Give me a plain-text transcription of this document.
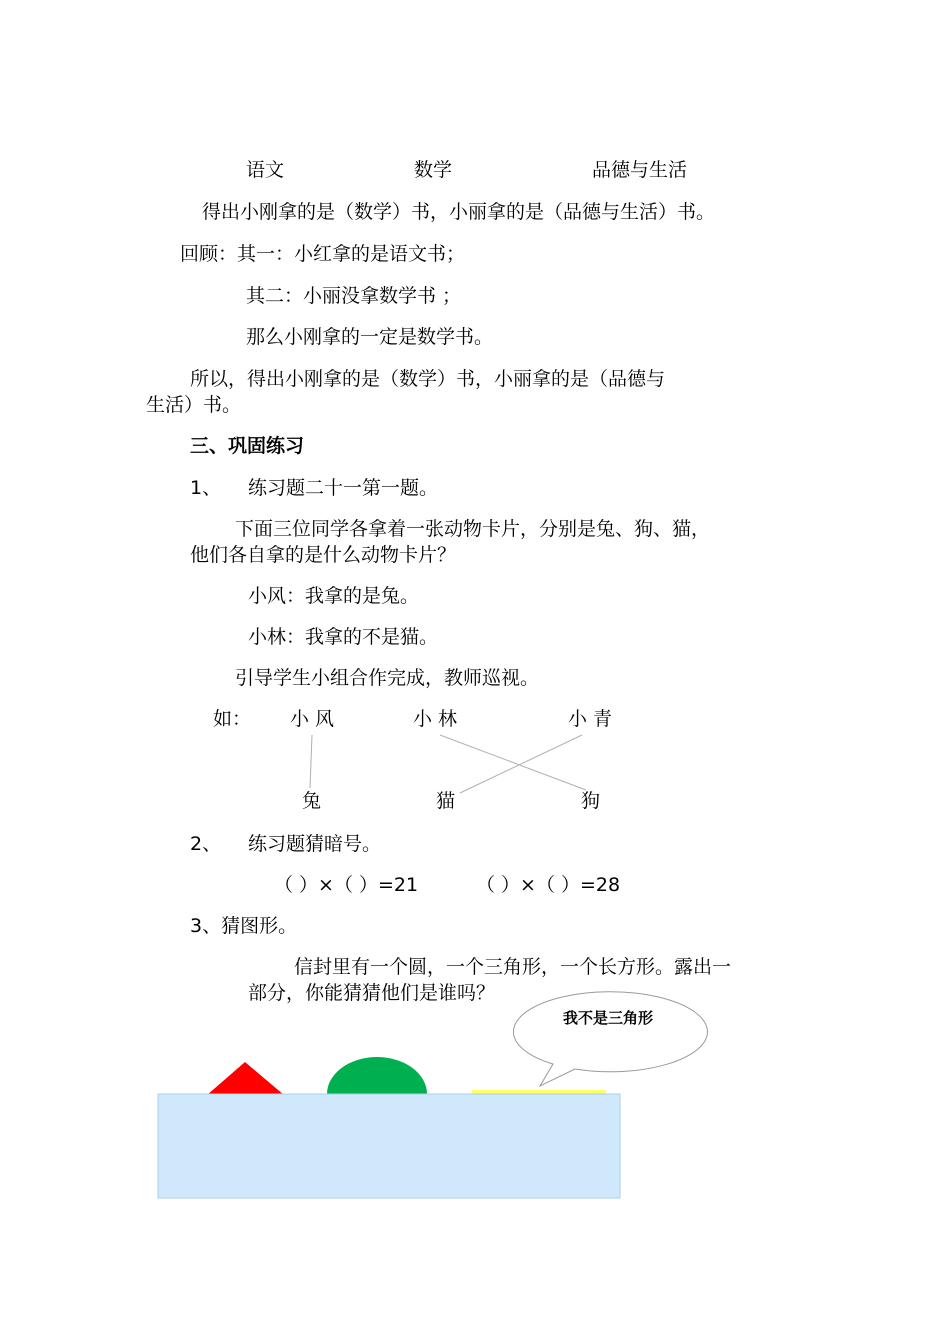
语文	数学	品德与生活
得出小刚拿的是（数学）书，小丽拿的是（品德与生活）书。
回顾：其一：小红拿的是语文书；
其二：小丽没拿数学书 ；
那么小刚拿的一定是数学书。
所以，得出小刚拿的是（数学）书，小丽拿的是（品德与
生活）书。
三、巩固练习
1、 练习题二十一第一题。
下面三位同学各拿着一张动物卡片，分别是兔、狗、猫，
他们各自拿的是什么动物卡片？
小风：我拿的是兔。
小林：我拿的不是猫。
引导学生小组合作完成，教师巡视。
如： 小 风	小 林	小 青
兔	猫	狗
我不是三角形
2、 练习题猜暗号。
（ ）×（ ）=21	（ ）×（ ）=28
3、猜图形。
信封里有一个圆，一个三角形，一个长方形。露出一
部分，你能猜猜他们是谁吗？
